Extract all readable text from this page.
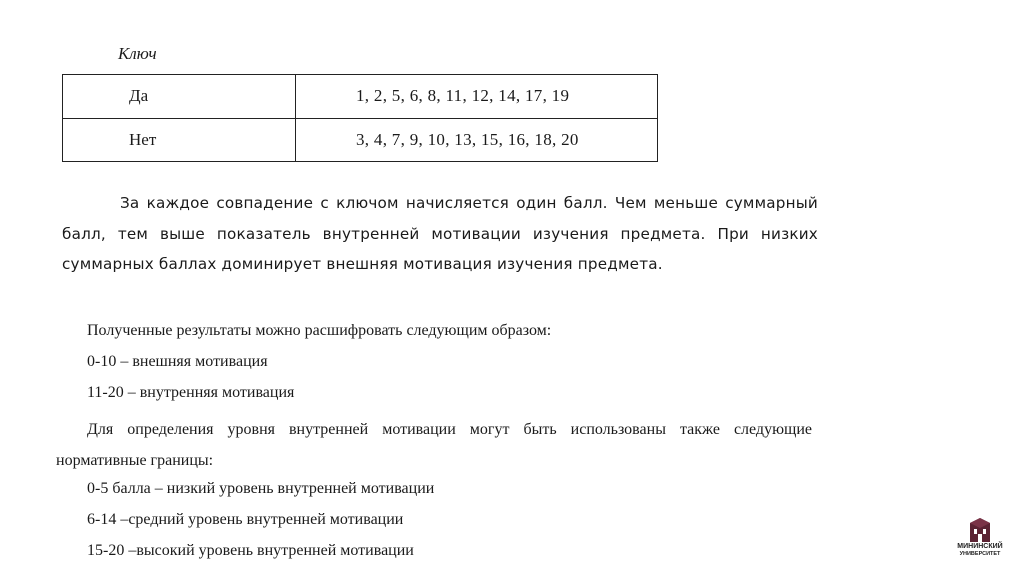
Ключ
Да	1, 2, 5, 6, 8, 11, 12, 14, 17, 19
Нет	3, 4, 7, 9, 10, 13, 15, 16, 18, 20

За каждое совпадение с ключом начисляется один балл. Чем меньше суммарный балл, тем выше показатель внутренней мотивации изучения предмета. При низких суммарных баллах доминирует внешняя мотивация изучения предмета.

Полученные результаты можно расшифровать следующим образом:

0-10 – внешняя мотивация

11-20 – внутренняя мотивация

Для определения уровня внутренней мотивации могут быть использованы также следующие нормативные границы:

0-5 балла – низкий уровень внутренней мотивации

6-14 –средний уровень внутренней мотивации

15-20 –высокий уровень внутренней мотивации	МИНИНСКИЙ
УНИВЕРСИТЕТ
